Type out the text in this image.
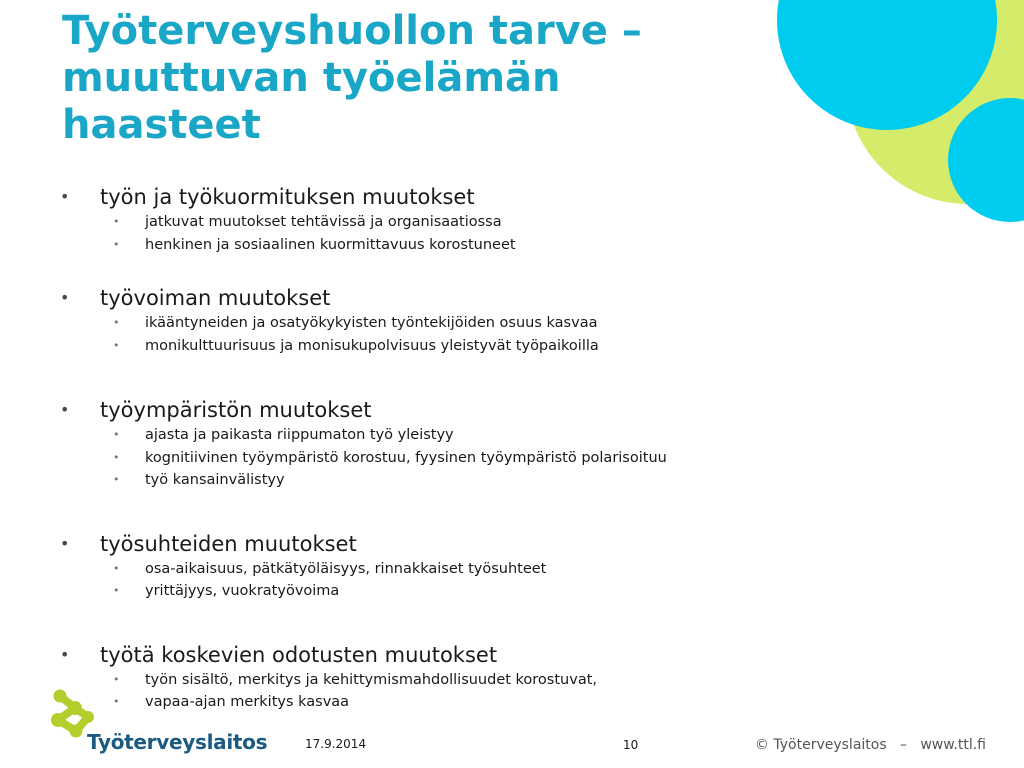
Työterveyshuollon tarve – muuttuvan työelämän haasteet
• työn ja työkuormituksen muutokset
• jatkuvat muutokset tehtävissä ja organisaatiossa
• henkinen ja sosiaalinen kuormittavuus korostuneet
• työvoiman muutokset
• ikääntyneiden ja osatyökykyisten työntekijöiden osuus kasvaa
• monikulttuurisuus ja monisukupolvisuus yleistyvät työpaikoilla
• työympäristön muutokset
• ajasta ja paikasta riippumaton työ yleistyy
• kognitiivinen työympäristö korostuu, fyysinen työympäristö polarisoituu
• työ kansainvälistyy
• työsuhteiden muutokset
• osa-aikaisuus, pätkätyöläisyys, rinnakkaiset työsuhteet
• yrittäjyys, vuokratyövoima
• työtä koskevien odotusten muutokset
• työn sisältö, merkitys ja kehittymismahdollisuudet korostuvat,
• vapaa-ajan merkitys kasvaa
Työterveyslaitos	17.9.2014	10	© Työterveyslaitos   –   www.ttl.fi
